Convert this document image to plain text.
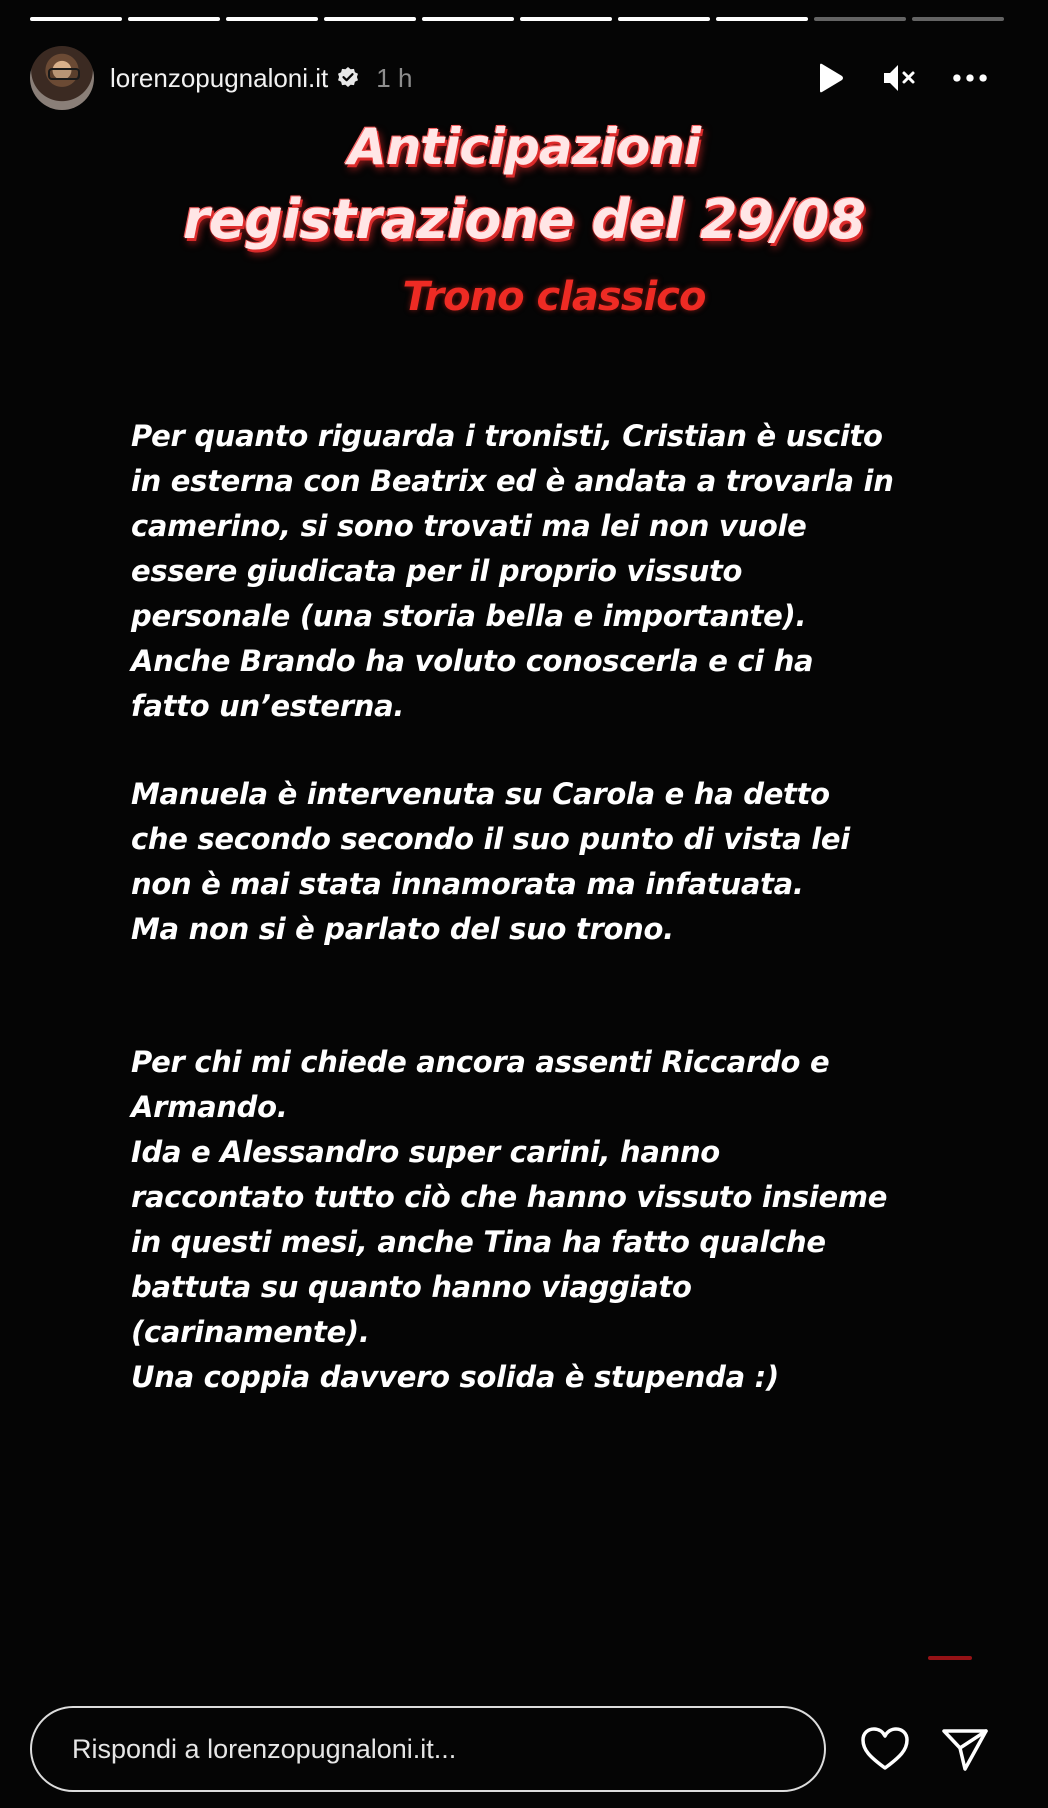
lorenzopugnaloni.it 1 h
Anticipazioni
registrazione del 29/08
Trono classico

Per quanto riguarda i tronisti, Cristian è uscito
in esterna con Beatrix ed è andata a trovarla in
camerino, si sono trovati ma lei non vuole
essere giudicata per il proprio vissuto
personale (una storia bella e importante).
Anche Brando ha voluto conoscerla e ci ha
fatto un’esterna.

Manuela è intervenuta su Carola e ha detto
che secondo secondo il suo punto di vista lei
non è mai stata innamorata ma infatuata.
Ma non si è parlato del suo trono.

Per chi mi chiede ancora assenti Riccardo e
Armando.
Ida e Alessandro super carini, hanno
raccontato tutto ciò che hanno vissuto insieme
in questi mesi, anche Tina ha fatto qualche
battuta su quanto hanno viaggiato
(carinamente).
Una coppia davvero solida è stupenda :)

Rispondi a lorenzopugnaloni.it...
